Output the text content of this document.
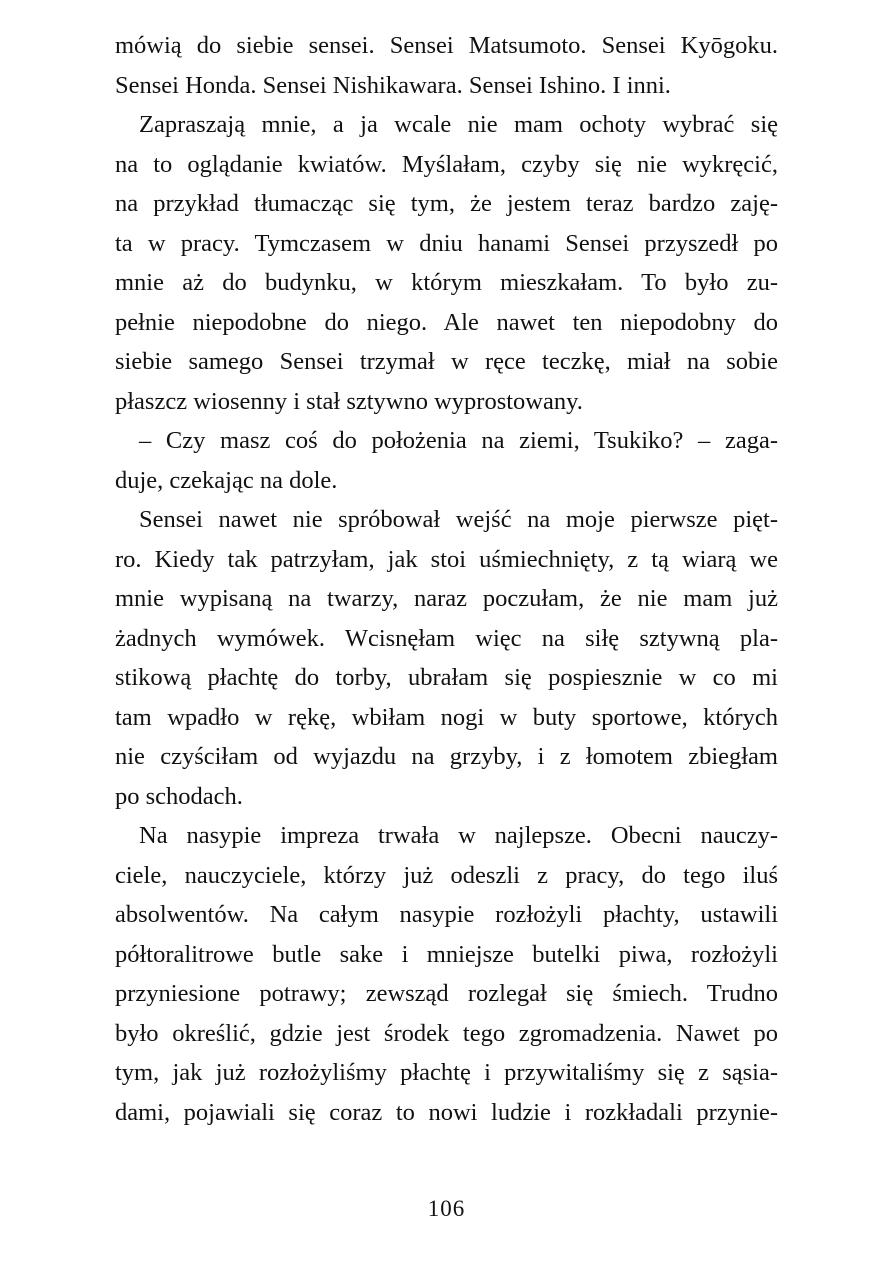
mówią do siebie sensei. Sensei Matsumoto. Sensei Kyōgoku.
Sensei Honda. Sensei Nishikawara. Sensei Ishino. I inni.
Zapraszają mnie, a ja wcale nie mam ochoty wybrać się
na to oglądanie kwiatów. Myślałam, czyby się nie wykręcić,
na przykład tłumacząc się tym, że jestem teraz bardzo zaję-
ta w pracy. Tymczasem w dniu hanami Sensei przyszedł po
mnie aż do budynku, w którym mieszkałam. To było zu-
pełnie niepodobne do niego. Ale nawet ten niepodobny do
siebie samego Sensei trzymał w ręce teczkę, miał na sobie
płaszcz wiosenny i stał sztywno wyprostowany.
– Czy masz coś do położenia na ziemi, Tsukiko? – zaga-
duje, czekając na dole.
Sensei nawet nie spróbował wejść na moje pierwsze pięt-
ro. Kiedy tak patrzyłam, jak stoi uśmiechnięty, z tą wiarą we
mnie wypisaną na twarzy, naraz poczułam, że nie mam już
żadnych wymówek. Wcisnęłam więc na siłę sztywną pla-
stikową płachtę do torby, ubrałam się pospiesznie w co mi
tam wpadło w rękę, wbiłam nogi w buty sportowe, których
nie czyściłam od wyjazdu na grzyby, i z łomotem zbiegłam
po schodach.
Na nasypie impreza trwała w najlepsze. Obecni nauczy-
ciele, nauczyciele, którzy już odeszli z pracy, do tego iluś
absolwentów. Na całym nasypie rozłożyli płachty, ustawili
półtoralitrowe butle sake i mniejsze butelki piwa, rozłożyli
przyniesione potrawy; zewsząd rozlegał się śmiech. Trudno
było określić, gdzie jest środek tego zgromadzenia. Nawet po
tym, jak już rozłożyliśmy płachtę i przywitaliśmy się z sąsia-
dami, pojawiali się coraz to nowi ludzie i rozkładali przynie-
106
